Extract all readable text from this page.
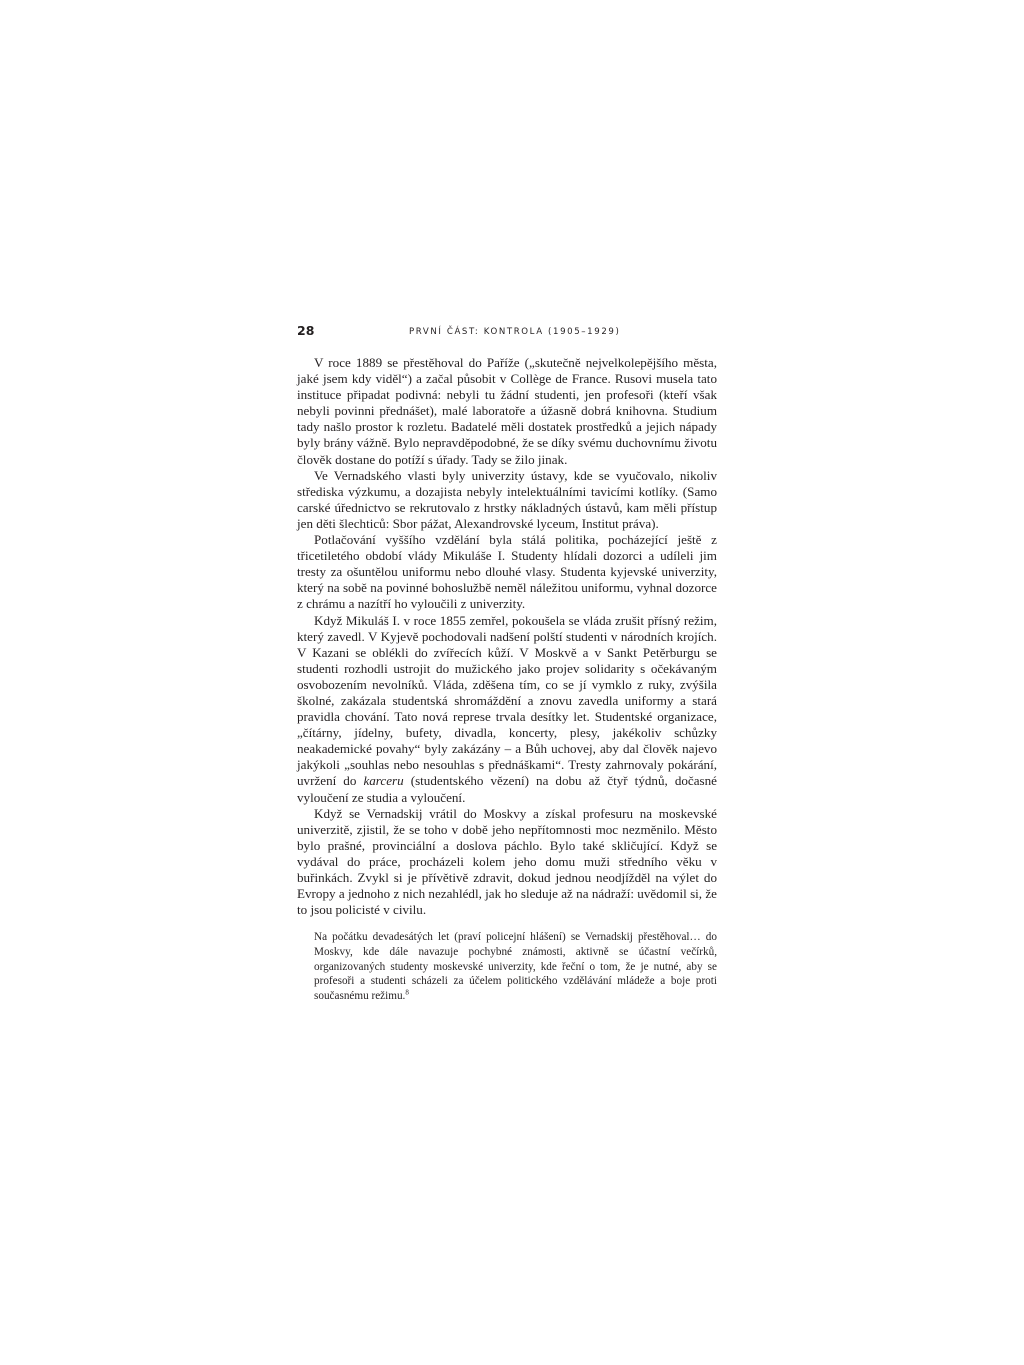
28	PRVNÍ ČÁST: KONTROLA (1905–1929)

V roce 1889 se přestěhoval do Paříže („skutečně nejvelkolepějšího města, jaké jsem kdy viděl“) a začal působit v Collège de France. Rusovi musela tato instituce připadat podivná: nebyli tu žádní studenti, jen profesoři (kteří však nebyli povinni přednášet), malé laboratoře a úžasně dobrá knihovna. Studium tady našlo prostor k rozletu. Badatelé měli dostatek prostředků a jejich nápady byly brány vážně. Bylo nepravděpodobné, že se díky svému duchovnímu životu člověk dostane do potíží s úřady. Tady se žilo jinak.

Ve Vernadského vlasti byly univerzity ústavy, kde se vyučovalo, nikoliv střediska výzkumu, a dozajista nebyly intelektuálními tavicími kotlíky. (Samo carské úřednictvo se rekrutovalo z hrstky nákladných ústavů, kam měli přístup jen děti šlechticů: Sbor pážat, Alexandrovské lyceum, Institut práva).

Potlačování vyššího vzdělání byla stálá politika, pocházející ještě z třicetiletého období vlády Mikuláše I. Studenty hlídali dozorci a udíleli jim tresty za ošuntělou uniformu nebo dlouhé vlasy. Studenta kyjevské univerzity, který na sobě na povinné bohoslužbě neměl náležitou uniformu, vyhnal dozorce z chrámu a nazítří ho vyloučili z univerzity.

Když Mikuláš I. v roce 1855 zemřel, pokoušela se vláda zrušit přísný režim, který zavedl. V Kyjevě pochodovali nadšení polští studenti v národních krojích. V Kazani se oblékli do zvířecích kůží. V Moskvě a v Sankt Petěrburgu se studenti rozhodli ustrojit do mužického jako projev solidarity s očekávaným osvobozením nevolníků. Vláda, zděšena tím, co se jí vymklo z ruky, zvýšila školné, zakázala studentská shromáždění a znovu zavedla uniformy a stará pravidla chování. Tato nová represe trvala desítky let. Studentské organizace, „čítárny, jídelny, bufety, divadla, koncerty, plesy, jakékoliv schůzky neakademické povahy“ byly zakázány – a Bůh uchovej, aby dal člověk najevo jakýkoli „souhlas nebo nesouhlas s přednáškami“. Tresty zahrnovaly pokárání, uvržení do karceru (studentského vězení) na dobu až čtyř týdnů, dočasné vyloučení ze studia a vyloučení.

Když se Vernadskij vrátil do Moskvy a získal profesuru na moskevské univerzitě, zjistil, že se toho v době jeho nepřítomnosti moc nezměnilo. Město bylo prašné, provinciální a doslova páchlo. Bylo také skličující. Když se vydával do práce, procházeli kolem jeho domu muži středního věku v buřinkách. Zvykl si je přívětivě zdravit, dokud jednou neodjížděl na výlet do Evropy a jednoho z nich nezahlédl, jak ho sleduje až na nádraží: uvědomil si, že to jsou policisté v civilu.

Na počátku devadesátých let (praví policejní hlášení) se Vernadskij přestěhoval… do Moskvy, kde dále navazuje pochybné známosti, aktivně se účastní večírků, organizovaných studenty moskevské univerzity, kde řeční o tom, že je nutné, aby se profesoři a studenti scházeli za účelem politického vzdělávání mládeže a boje proti současnému režimu.$^8$
